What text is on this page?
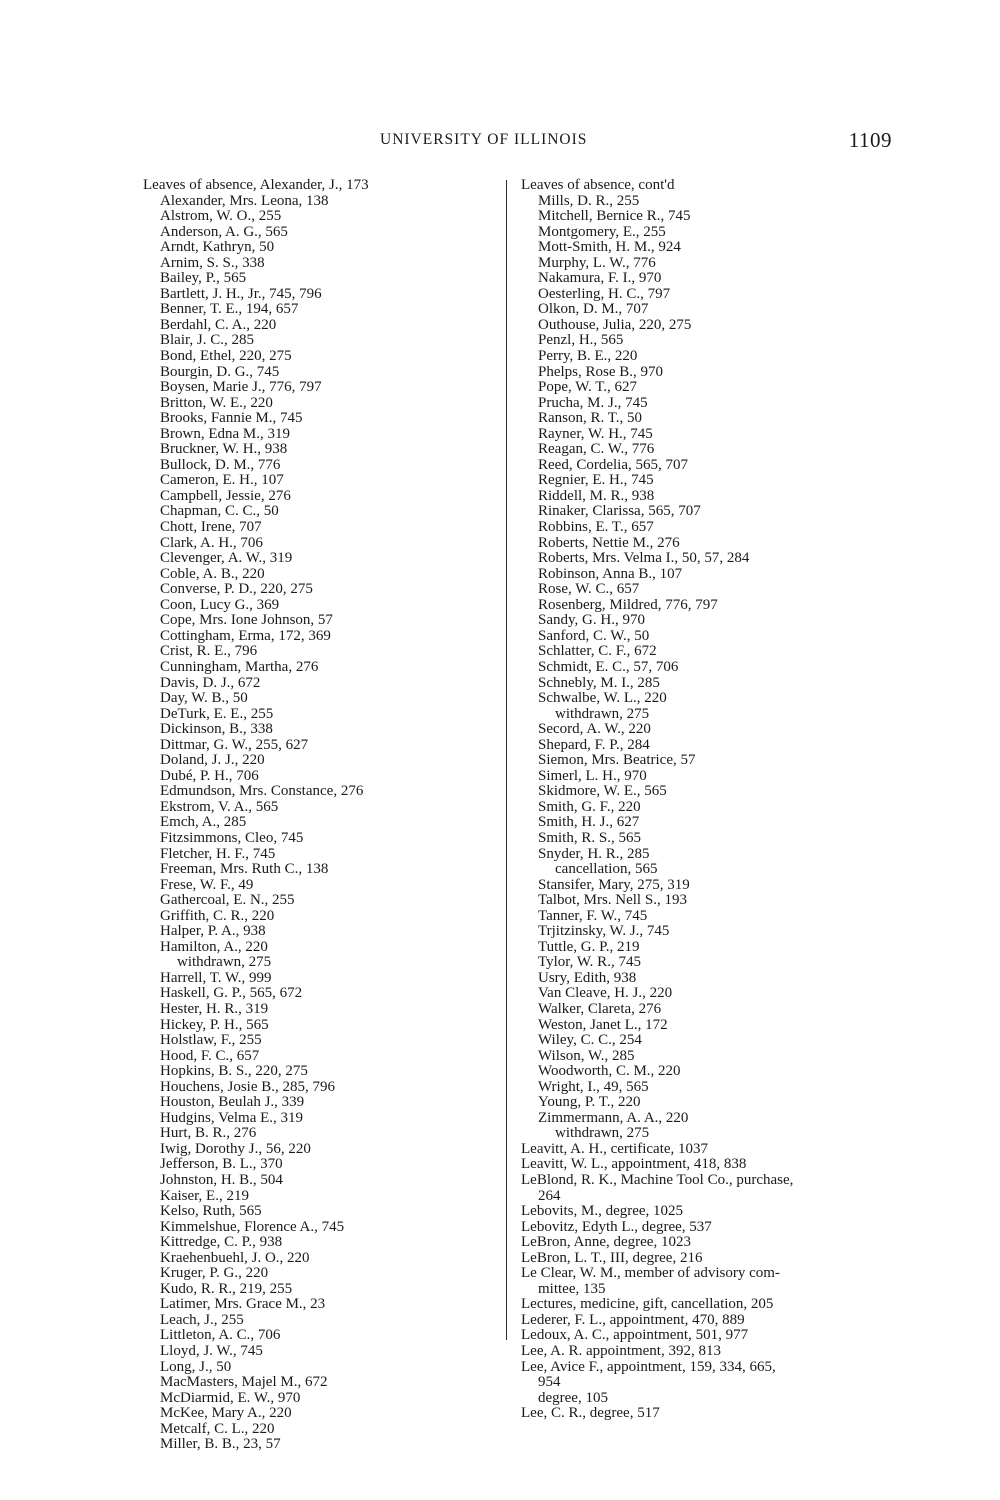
UNIVERSITY OF ILLINOIS	1109
Leaves of absence, Alexander, J., 173
Alexander, Mrs. Leona, 138
Alstrom, W. O., 255
Anderson, A. G., 565
Arndt, Kathryn, 50
Arnim, S. S., 338
Bailey, P., 565
Bartlett, J. H., Jr., 745, 796
Benner, T. E., 194, 657
Berdahl, C. A., 220
Blair, J. C., 285
Bond, Ethel, 220, 275
Bourgin, D. G., 745
Boysen, Marie J., 776, 797
Britton, W. E., 220
Brooks, Fannie M., 745
Brown, Edna M., 319
Bruckner, W. H., 938
Bullock, D. M., 776
Cameron, E. H., 107
Campbell, Jessie, 276
Chapman, C. C., 50
Chott, Irene, 707
Clark, A. H., 706
Clevenger, A. W., 319
Coble, A. B., 220
Converse, P. D., 220, 275
Coon, Lucy G., 369
Cope, Mrs. Ione Johnson, 57
Cottingham, Erma, 172, 369
Crist, R. E., 796
Cunningham, Martha, 276
Davis, D. J., 672
Day, W. B., 50
DeTurk, E. E., 255
Dickinson, B., 338
Dittmar, G. W., 255, 627
Doland, J. J., 220
Dubé, P. H., 706
Edmundson, Mrs. Constance, 276
Ekstrom, V. A., 565
Emch, A., 285
Fitzsimmons, Cleo, 745
Fletcher, H. F., 745
Freeman, Mrs. Ruth C., 138
Frese, W. F., 49
Gathercoal, E. N., 255
Griffith, C. R., 220
Halper, P. A., 938
Hamilton, A., 220
withdrawn, 275
Harrell, T. W., 999
Haskell, G. P., 565, 672
Hester, H. R., 319
Hickey, P. H., 565
Holstlaw, F., 255
Hood, F. C., 657
Hopkins, B. S., 220, 275
Houchens, Josie B., 285, 796
Houston, Beulah J., 339
Hudgins, Velma E., 319
Hurt, B. R., 276
Iwig, Dorothy J., 56, 220
Jefferson, B. L., 370
Johnston, H. B., 504
Kaiser, E., 219
Kelso, Ruth, 565
Kimmelshue, Florence A., 745
Kittredge, C. P., 938
Kraehenbuehl, J. O., 220
Kruger, P. G., 220
Kudo, R. R., 219, 255
Latimer, Mrs. Grace M., 23
Leach, J., 255
Littleton, A. C., 706
Lloyd, J. W., 745
Long, J., 50
MacMasters, Majel M., 672
McDiarmid, E. W., 970
McKee, Mary A., 220
Metcalf, C. L., 220
Miller, B. B., 23, 57
Leaves of absence, cont'd
Mills, D. R., 255
Mitchell, Bernice R., 745
Montgomery, E., 255
Mott-Smith, H. M., 924
Murphy, L. W., 776
Nakamura, F. I., 970
Oesterling, H. C., 797
Olkon, D. M., 707
Outhouse, Julia, 220, 275
Penzl, H., 565
Perry, B. E., 220
Phelps, Rose B., 970
Pope, W. T., 627
Prucha, M. J., 745
Ranson, R. T., 50
Rayner, W. H., 745
Reagan, C. W., 776
Reed, Cordelia, 565, 707
Regnier, E. H., 745
Riddell, M. R., 938
Rinaker, Clarissa, 565, 707
Robbins, E. T., 657
Roberts, Nettie M., 276
Roberts, Mrs. Velma I., 50, 57, 284
Robinson, Anna B., 107
Rose, W. C., 657
Rosenberg, Mildred, 776, 797
Sandy, G. H., 970
Sanford, C. W., 50
Schlatter, C. F., 672
Schmidt, E. C., 57, 706
Schnebly, M. I., 285
Schwalbe, W. L., 220
withdrawn, 275
Secord, A. W., 220
Shepard, F. P., 284
Siemon, Mrs. Beatrice, 57
Simerl, L. H., 970
Skidmore, W. E., 565
Smith, G. F., 220
Smith, H. J., 627
Smith, R. S., 565
Snyder, H. R., 285
cancellation, 565
Stansifer, Mary, 275, 319
Talbot, Mrs. Nell S., 193
Tanner, F. W., 745
Trjitzinsky, W. J., 745
Tuttle, G. P., 219
Tylor, W. R., 745
Usry, Edith, 938
Van Cleave, H. J., 220
Walker, Clareta, 276
Weston, Janet L., 172
Wiley, C. C., 254
Wilson, W., 285
Woodworth, C. M., 220
Wright, I., 49, 565
Young, P. T., 220
Zimmermann, A. A., 220
withdrawn, 275
Leavitt, A. H., certificate, 1037
Leavitt, W. L., appointment, 418, 838
LeBlond, R. K., Machine Tool Co., purchase,
264
Lebovits, M., degree, 1025
Lebovitz, Edyth L., degree, 537
LeBron, Anne, degree, 1023
LeBron, L. T., III, degree, 216
Le Clear, W. M., member of advisory com-
mittee, 135
Lectures, medicine, gift, cancellation, 205
Lederer, F. L., appointment, 470, 889
Ledoux, A. C., appointment, 501, 977
Lee, A. R. appointment, 392, 813
Lee, Avice F., appointment, 159, 334, 665,
954
degree, 105
Lee, C. R., degree, 517
